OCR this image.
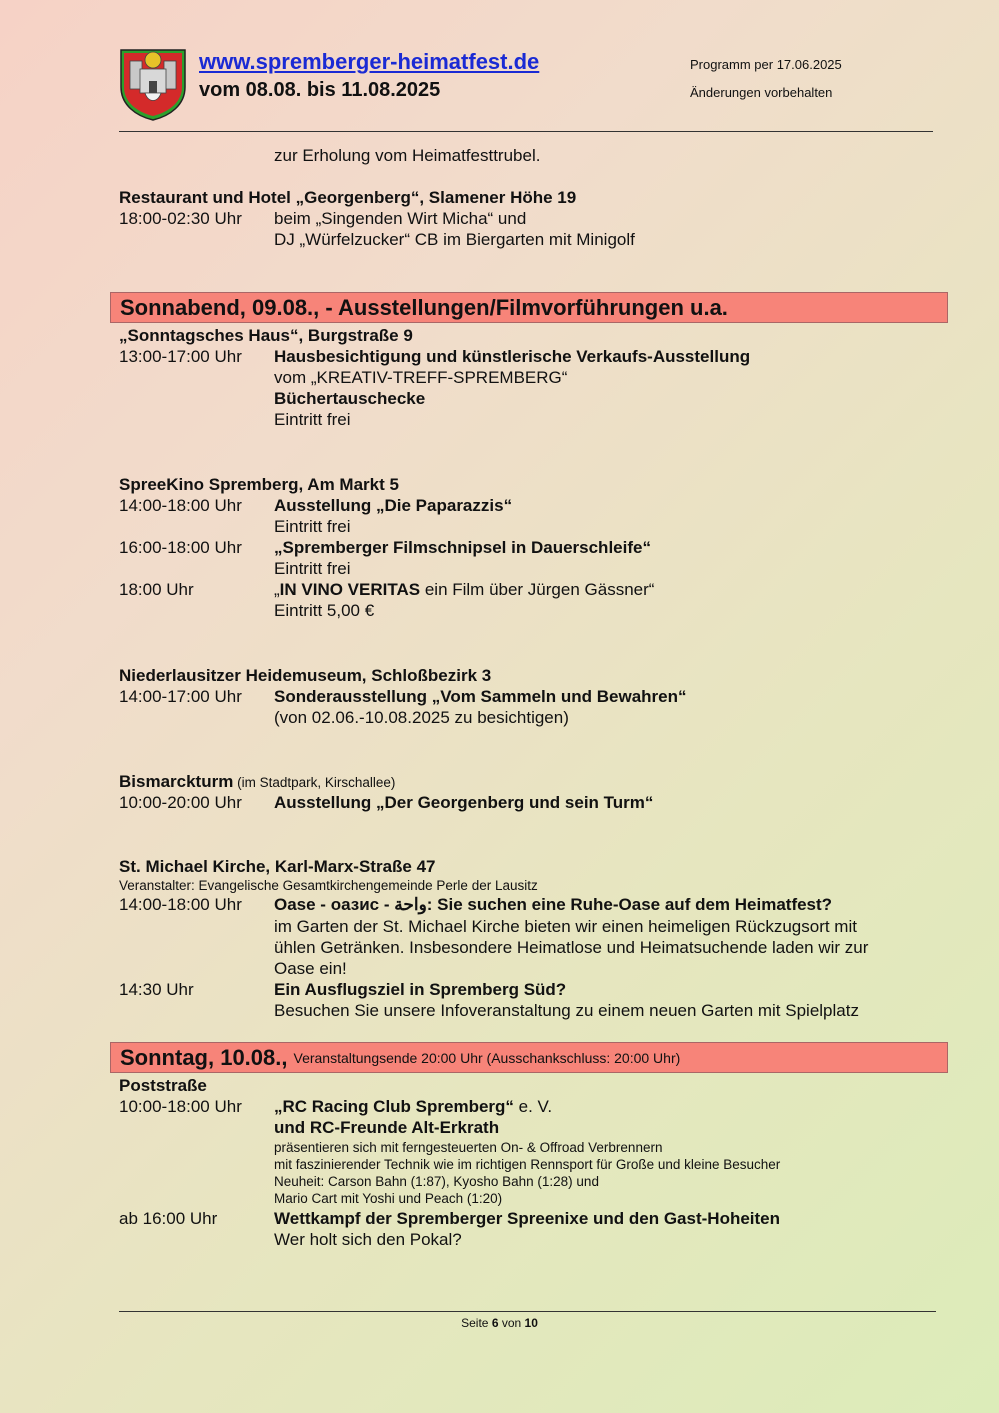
www.spremberger-heimatfest.de
vom 08.08. bis 11.08.2025
Programm per 17.06.2025
Änderungen vorbehalten
zur Erholung vom Heimatfesttrubel.
Restaurant und Hotel „Georgenberg“, Slamener Höhe 19
18:00-02:30 Uhr beim „Singenden Wirt Micha“ und
DJ „Würfelzucker“ CB im Biergarten mit Minigolf
Sonnabend, 09.08., - Ausstellungen/Filmvorführungen u.a.
„Sonntagsches Haus“, Burgstraße 9
13:00-17:00 Uhr Hausbesichtigung und künstlerische Verkaufs-Ausstellung
vom „KREATIV-TREFF-SPREMBERG“
Büchertauschecke
Eintritt frei
SpreeKino Spremberg, Am Markt 5
14:00-18:00 Uhr Ausstellung „Die Paparazzis“
Eintritt frei
16:00-18:00 Uhr „Spremberger Filmschnipsel in Dauerschleife“
Eintritt frei
18:00 Uhr	„IN VINO VERITAS ein Film über Jürgen Gässner“
Eintritt 5,00 €
Niederlausitzer Heidemuseum, Schloßbezirk 3
14:00-17:00 Uhr Sonderausstellung „Vom Sammeln und Bewahren“
(von 02.06.-10.08.2025 zu besichtigen)
Bismarckturm (im Stadtpark, Kirschallee)
10:00-20:00 Uhr Ausstellung „Der Georgenberg und sein Turm“
St. Michael Kirche, Karl-Marx-Straße 47
Veranstalter: Evangelische Gesamtkirchengemeinde Perle der Lausitz
14:00-18:00 Uhr Oase - оазис - واحة: Sie suchen eine Ruhe-Oase auf dem Heimatfest?
im Garten der St. Michael Kirche bieten wir einen heimeligen Rückzugsort mit
ühlen Getränken. Insbesondere Heimatlose und Heimatsuchende laden wir zur
Oase ein!
14:30 Uhr	Ein Ausflugsziel in Spremberg Süd?
Besuchen Sie unsere Infoveranstaltung zu einem neuen Garten mit Spielplatz
Sonntag, 10.08., Veranstaltungsende 20:00 Uhr (Ausschankschluss: 20:00 Uhr)
Poststraße
10:00-18:00 Uhr „RC Racing Club Spremberg“ e. V.
und RC-Freunde Alt-Erkrath
präsentieren sich mit ferngesteuerten On- & Offroad Verbrennern
mit faszinierender Technik wie im richtigen Rennsport für Große und kleine Besucher
Neuheit: Carson Bahn (1:87), Kyosho Bahn (1:28) und
Mario Cart mit Yoshi und Peach (1:20)
ab 16:00 Uhr	Wettkampf der Spremberger Spreenixe und den Gast-Hoheiten
Wer holt sich den Pokal?
Seite 6 von 10
